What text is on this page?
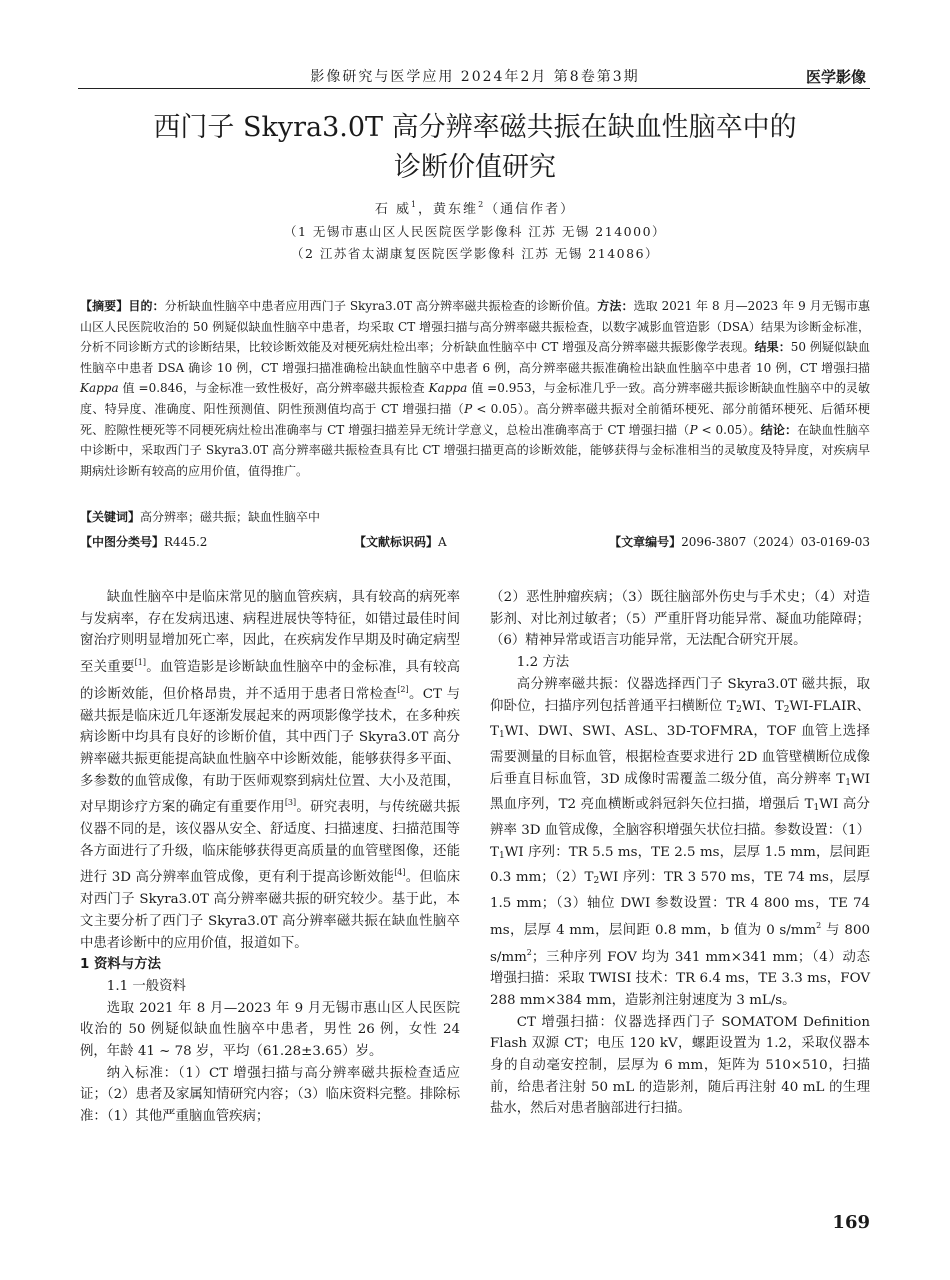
影像研究与医学应用 2024年2月 第8卷第3期	医学影像
西门子 Skyra3.0T 高分辨率磁共振在缺血性脑卒中的
诊断价值研究
石 威$^1$，黄东维$^2$（通信作者）
（1 无锡市惠山区人民医院医学影像科 江苏 无锡 214000）
（2 江苏省太湖康复医院医学影像科 江苏 无锡 214086）
【摘要】目的：分析缺血性脑卒中患者应用西门子 Skyra3.0T 高分辨率磁共振检查的诊断价值。方法：选取 2021 年 8 月—2023 年 9 月无锡市惠山区人民医院收治的 50 例疑似缺血性脑卒中患者，均采取 CT 增强扫描与高分辨率磁共振检查，以数字减影血管造影（DSA）结果为诊断金标准，分析不同诊断方式的诊断结果，比较诊断效能及对梗死病灶检出率；分析缺血性脑卒中 CT 增强及高分辨率磁共振影像学表现。结果：50 例疑似缺血性脑卒中患者 DSA 确诊 10 例，CT 增强扫描准确检出缺血性脑卒中患者 6 例，高分辨率磁共振准确检出缺血性脑卒中患者 10 例，CT 增强扫描 Kappa 值 =0.846，与金标准一致性极好，高分辨率磁共振检查 Kappa 值 =0.953，与金标准几乎一致。高分辨率磁共振诊断缺血性脑卒中的灵敏度、特异度、准确度、阳性预测值、阴性预测值均高于 CT 增强扫描（P < 0.05）。高分辨率磁共振对全前循环梗死、部分前循环梗死、后循环梗死、腔隙性梗死等不同梗死病灶检出准确率与 CT 增强扫描差异无统计学意义，总检出准确率高于 CT 增强扫描（P < 0.05）。结论：在缺血性脑卒中诊断中，采取西门子 Skyra3.0T 高分辨率磁共振检查具有比 CT 增强扫描更高的诊断效能，能够获得与金标准相当的灵敏度及特异度，对疾病早期病灶诊断有较高的应用价值，值得推广。
【关键词】高分辨率；磁共振；缺血性脑卒中
【中图分类号】R445.2	【文献标识码】A	【文章编号】2096-3807（2024）03-0169-03

缺血性脑卒中是临床常见的脑血管疾病，具有较高的病死率与发病率，存在发病迅速、病程进展快等特征，如错过最佳时间窗治疗则明显增加死亡率，因此，在疾病发作早期及时确定病型至关重要[1]。血管造影是诊断缺血性脑卒中的金标准，具有较高的诊断效能，但价格昂贵，并不适用于患者日常检查[2]。CT 与磁共振是临床近几年逐渐发展起来的两项影像学技术，在多种疾病诊断中均具有良好的诊断价值，其中西门子 Skyra3.0T 高分辨率磁共振更能提高缺血性脑卒中诊断效能，能够获得多平面、多参数的血管成像，有助于医师观察到病灶位置、大小及范围，对早期诊疗方案的确定有重要作用[3]。研究表明，与传统磁共振仪器不同的是，该仪器从安全、舒适度、扫描速度、扫描范围等各方面进行了升级，临床能够获得更高质量的血管壁图像，还能进行 3D 高分辨率血管成像，更有利于提高诊断效能[4]。但临床对西门子 Skyra3.0T 高分辨率磁共振的研究较少。基于此，本文主要分析了西门子 Skyra3.0T 高分辨率磁共振在缺血性脑卒中患者诊断中的应用价值，报道如下。

1 资料与方法

1.1 一般资料

选取 2021 年 8 月—2023 年 9 月无锡市惠山区人民医院收治的 50 例疑似缺血性脑卒中患者，男性 26 例，女性 24 例，年龄 41 ~ 78 岁，平均（61.28±3.65）岁。

纳入标准：（1）CT 增强扫描与高分辨率磁共振检查适应证；（2）患者及家属知情研究内容；（3）临床资料完整。排除标准：（1）其他严重脑血管疾病；

（2）恶性肿瘤疾病；（3）既往脑部外伤史与手术史；（4）对造影剂、对比剂过敏者；（5）严重肝肾功能异常、凝血功能障碍；（6）精神异常或语言功能异常，无法配合研究开展。

1.2 方法

高分辨率磁共振：仪器选择西门子 Skyra3.0T 磁共振，取仰卧位，扫描序列包括普通平扫横断位 $T_2WI$、$T_2WI$-FLAIR、$T_1WI$、DWI、SWI、ASL、3D-TOFMRA，TOF 血管上选择需要测量的目标血管，根据检查要求进行 2D 血管壁横断位成像后垂直目标血管，3D 成像时需覆盖二级分值，高分辨率 $T_1WI$ 黑血序列，T2 亮血横断或斜冠斜矢位扫描，增强后 $T_1WI$ 高分辨率 3D 血管成像，全脑容积增强矢状位扫描。参数设置：$(1)T_1WI$ 序列：TR 5.5 ms，TE 2.5 ms，层厚 1.5 mm，层间距 0.3 mm；$(2)T_2WI$ 序列：TR 3 570 ms，TE 74 ms，层厚 1.5 mm；（3）轴位 DWI 参数设置：TR 4 800 ms，TE 74 ms，层厚 4 mm，层间距 0.8 mm，b 值为 0 $s/mm^2$ 与 800 $s/mm^2$；三种序列 FOV 均为 341 mm×341 mm；（4）动态增强扫描：采取 TWISI 技术：TR 6.4 ms，TE 3.3 ms，FOV 288 mm×384 mm，造影剂注射速度为 3 mL/s。

CT 增强扫描：仪器选择西门子 SOMATOM Definition Flash 双源 CT；电压 120 kV，螺距设置为 1.2，采取仪器本身的自动毫安控制，层厚为 6 mm，矩阵为 510×510，扫描前，给患者注射 50 mL 的造影剂，随后再注射 40 mL 的生理盐水，然后对患者脑部进行扫描。

169
